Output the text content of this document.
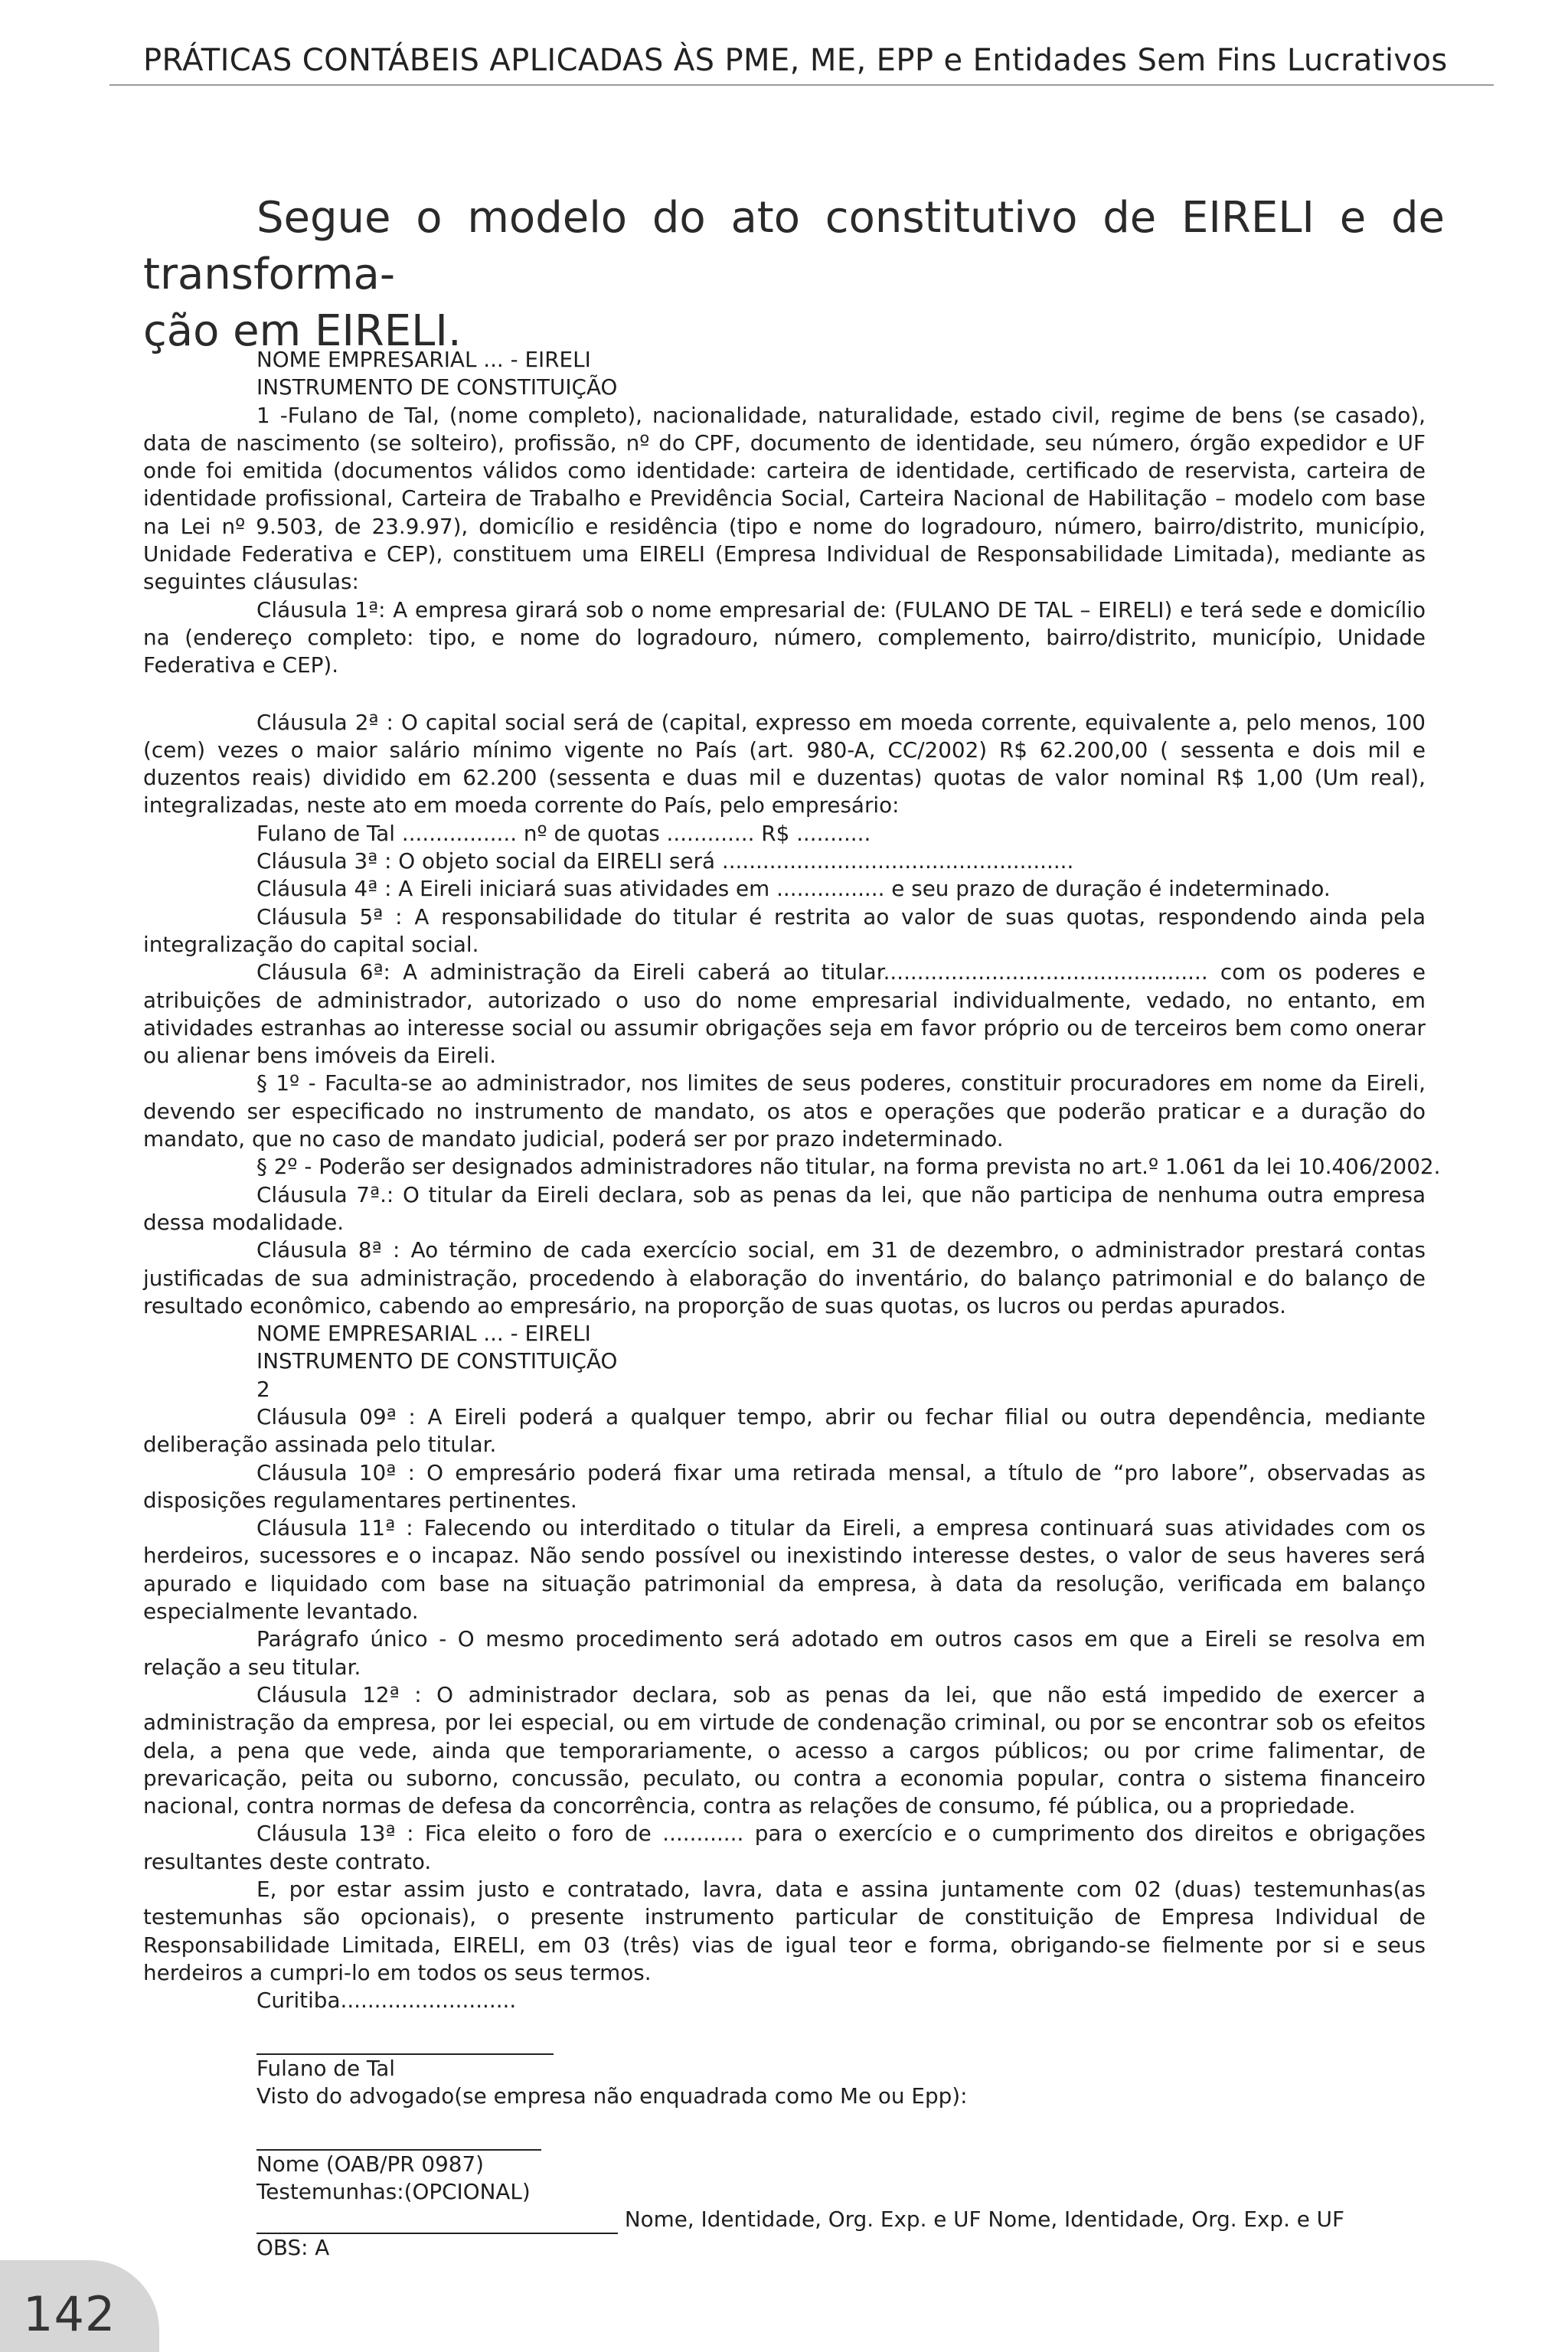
PRÁTICAS CONTÁBEIS APLICADAS ÀS PME, ME, EPP e Entidades Sem Fins Lucrativos
Segue o modelo do ato constitutivo de EIRELI e de transforma-
ção em EIRELI.
NOME EMPRESARIAL ... - EIRELI
INSTRUMENTO DE CONSTITUIÇÃO
1 -Fulano de Tal, (nome completo), nacionalidade, naturalidade, estado civil, regime de bens (se casado), data de nascimento (se solteiro), profissão, nº do CPF, documento de identidade, seu número, órgão expedidor e UF onde foi emitida (documentos válidos como identidade: carteira de identidade, certificado de reservista, carteira de identidade profissional, Carteira de Trabalho e Previdência Social, Carteira Nacional de Habilitação – modelo com base na Lei nº 9.503, de 23.9.97), domicílio e residência (tipo e nome do logradouro, número, bairro/distrito, município, Unidade Federativa e CEP), constituem uma EIRELI (Empresa Individual de Responsabilidade Limitada), mediante as seguintes cláusulas:
Cláusula 1ª: A empresa girará sob o nome empresarial de: (FULANO DE TAL – EIRELI) e terá sede e domicílio na (endereço completo: tipo, e nome do logradouro, número, complemento, bairro/distrito, município, Unidade Federativa e CEP).
Cláusula 2ª : O capital social será de (capital, expresso em moeda corrente, equivalente a, pelo menos, 100 (cem) vezes o maior salário mínimo vigente no País (art. 980-A, CC/2002) R$ 62.200,00 ( sessenta e dois mil e duzentos reais) dividido em 62.200 (sessenta e duas mil e duzentas) quotas de valor nominal R$ 1,00 (Um real), integralizadas, neste ato em moeda corrente do País, pelo empresário:
Fulano de Tal ................. nº de quotas ............. R$ ...........
Cláusula 3ª : O objeto social da EIRELI será ....................................................
Cláusula 4ª : A Eireli iniciará suas atividades em ................ e seu prazo de duração é indeterminado.
Cláusula 5ª : A responsabilidade do titular é restrita ao valor de suas quotas, respondendo ainda pela integralização do capital social.
Cláusula 6ª: A administração da Eireli caberá ao titular................................................ com os poderes e atribuições de administrador, autorizado o uso do nome empresarial individualmente, vedado, no entanto, em atividades estranhas ao interesse social ou assumir obrigações seja em favor próprio ou de terceiros bem como onerar ou alienar bens imóveis da Eireli.
§ 1º - Faculta-se ao administrador, nos limites de seus poderes, constituir procuradores em nome da Eireli, devendo ser especificado no instrumento de mandato, os atos e operações que poderão praticar e a duração do mandato, que no caso de mandato judicial, poderá ser por prazo indeterminado.
§ 2º - Poderão ser designados administradores não titular, na forma prevista no art.º 1.061 da lei 10.406/2002.
Cláusula 7ª.: O titular da Eireli declara, sob as penas da lei, que não participa de nenhuma outra empresa dessa modalidade.
Cláusula 8ª : Ao término de cada exercício social, em 31 de dezembro, o administrador prestará contas justificadas de sua administração, procedendo à elaboração do inventário, do balanço patrimonial e do balanço de resultado econômico, cabendo ao empresário, na proporção de suas quotas, os lucros ou perdas apurados.
NOME EMPRESARIAL ... - EIRELI
INSTRUMENTO DE CONSTITUIÇÃO
2
Cláusula 09ª : A Eireli poderá a qualquer tempo, abrir ou fechar filial ou outra dependência, mediante deliberação assinada pelo titular.
Cláusula 10ª : O empresário poderá fixar uma retirada mensal, a título de “pro labore”, observadas as disposições regulamentares pertinentes.
Cláusula 11ª : Falecendo ou interditado o titular da Eireli, a empresa continuará suas atividades com os herdeiros, sucessores e o incapaz. Não sendo possível ou inexistindo interesse destes, o valor de seus haveres será apurado e liquidado com base na situação patrimonial da empresa, à data da resolução, verificada em balanço especialmente levantado.
Parágrafo único - O mesmo procedimento será adotado em outros casos em que a Eireli se resolva em relação a seu titular.
Cláusula 12ª : O administrador declara, sob as penas da lei, que não está impedido de exercer a administração da empresa, por lei especial, ou em virtude de condenação criminal, ou por se encontrar sob os efeitos dela, a pena que vede, ainda que temporariamente, o acesso a cargos públicos; ou por crime falimentar, de prevaricação, peita ou suborno, concussão, peculato, ou contra a economia popular, contra o sistema financeiro nacional, contra normas de defesa da concorrência, contra as relações de consumo, fé pública, ou a propriedade.
Cláusula 13ª : Fica eleito o foro de ............ para o exercício e o cumprimento dos direitos e obrigações resultantes deste contrato.
E, por estar assim justo e contratado, lavra, data e assina juntamente com 02 (duas) testemunhas(as testemunhas são opcionais), o presente instrumento particular de constituição de Empresa Individual de Responsabilidade Limitada, EIRELI, em 03 (três) vias de igual teor e forma, obrigando-se fielmente por si e seus herdeiros a cumpri-lo em todos os seus termos.
Curitiba..........................
Fulano de Tal
Visto do advogado(se empresa não enquadrada como Me ou Epp):
Nome (OAB/PR 0987)
Testemunhas:(OPCIONAL)
Nome, Identidade, Org. Exp. e UF Nome, Identidade, Org. Exp. e UF
OBS: A
142
